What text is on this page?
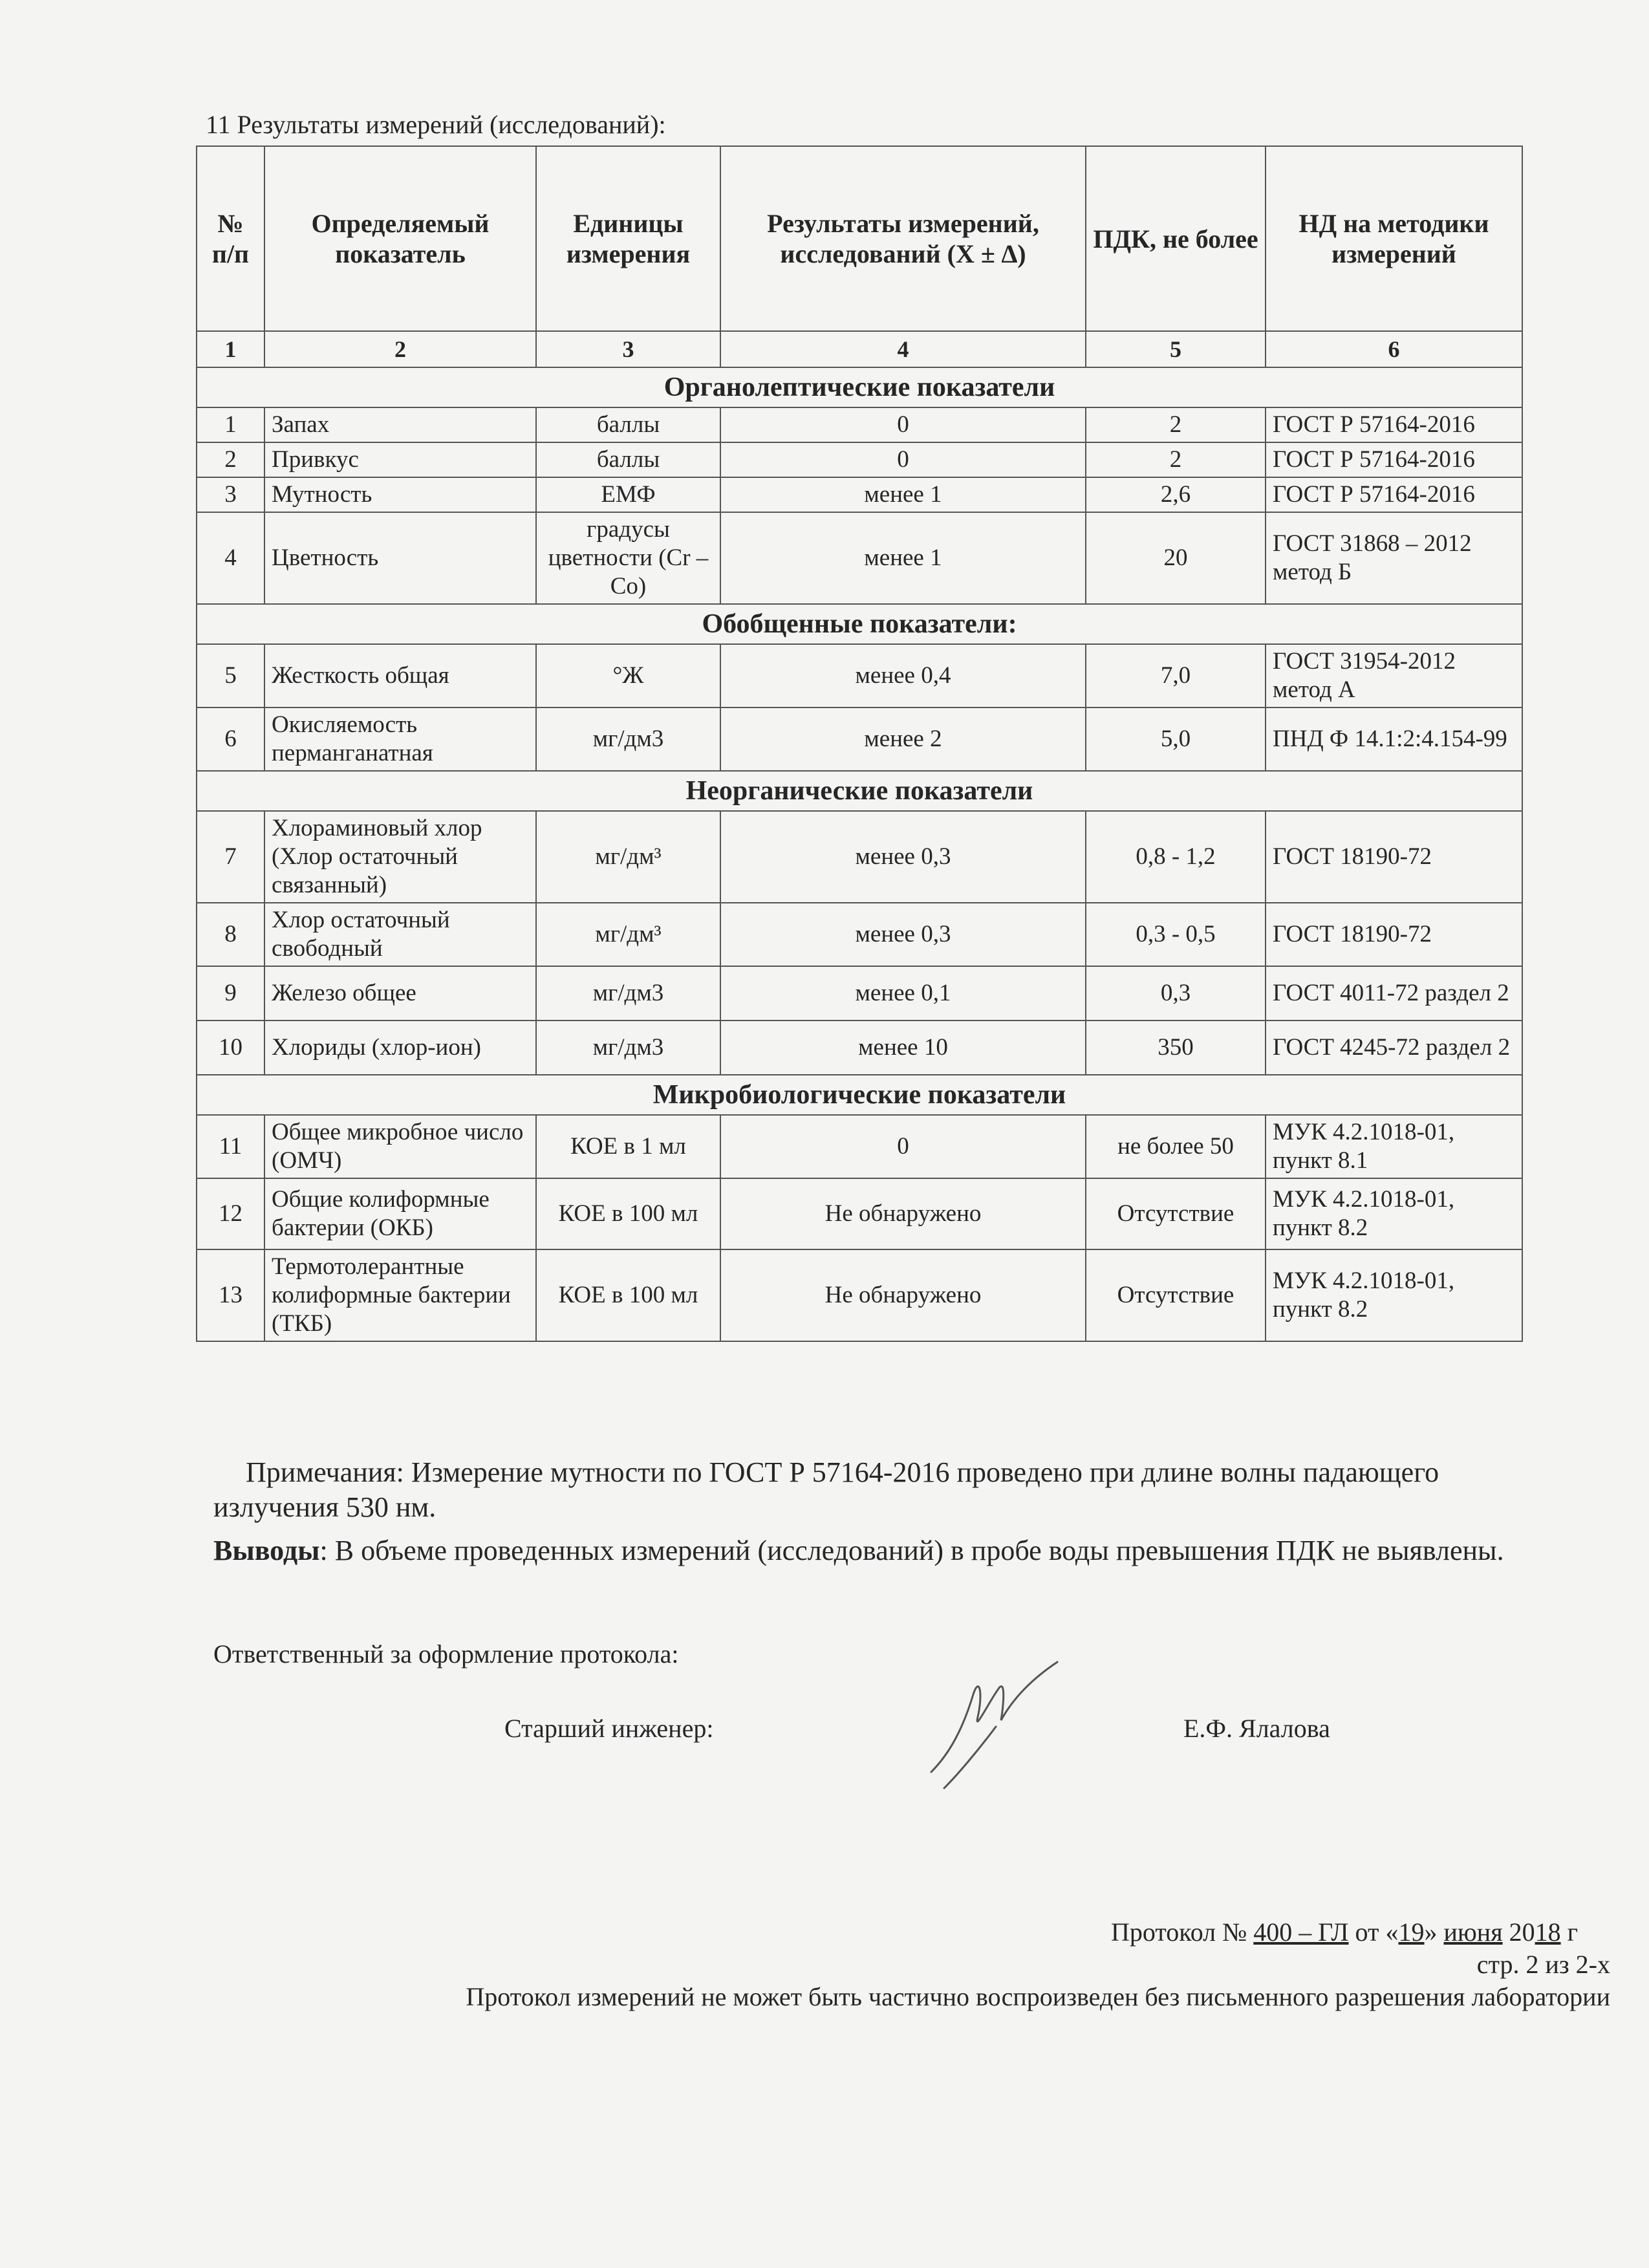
11 Результаты измерений (исследований):
№ п/п	Определяемый показатель	Единицы измерения	Результаты измерений, исследований (Х ± ∆)	ПДК, не более	НД на методики измерений
1	2	3	4	5	6
Органолептические показатели					
1	Запах	баллы	0	2	ГОСТ Р 57164-2016
2	Привкус	баллы	0	2	ГОСТ Р 57164-2016
3	Мутность	ЕМФ	менее 1	2,6	ГОСТ Р 57164-2016
4	Цветность	градусы цветности (Сr – Co)	менее 1	20	ГОСТ 31868 – 2012 метод Б
Обобщенные показатели:					
5	Жесткость общая	°Ж	менее 0,4	7,0	ГОСТ 31954-2012 метод А
6	Окисляемость перманганатная	мг/дм3	менее 2	5,0	ПНД Ф 14.1:2:4.154-99
Неорганические показатели					
7	Хлораминовый хлор (Хлор остаточный связанный)	мг/дм³	менее 0,3	0,8 - 1,2	ГОСТ 18190-72
8	Хлор остаточный свободный	мг/дм³	менее 0,3	0,3 - 0,5	ГОСТ 18190-72
9	Железо общее	мг/дм3	менее 0,1	0,3	ГОСТ 4011-72 раздел 2
10	Хлориды (хлор-ион)	мг/дм3	менее 10	350	ГОСТ 4245-72 раздел 2
Микробиологические показатели					
11	Общее микробное число (ОМЧ)	КОЕ в 1 мл	0	не более 50	МУК 4.2.1018-01, пункт 8.1
12	Общие колиформные бактерии (ОКБ)	КОЕ в 100 мл	Не обнаружено	Отсутствие	МУК 4.2.1018-01, пункт 8.2
13	Термотолерантные колиформные бактерии (ТКБ)	КОЕ в 100 мл	Не обнаружено	Отсутствие	МУК 4.2.1018-01, пункт 8.2
Примечания: Измерение мутности по ГОСТ Р 57164-2016 проведено при длине волны падающего излучения 530 нм.
Выводы: В объеме проведенных измерений (исследований) в пробе воды превышения ПДК не выявлены.
Ответственный за оформление протокола:
Старший инженер:	Е.Ф. Ялалова
Протокол № 400 – ГЛ от «19» июня 2018 г
стр. 2 из 2-х
Протокол измерений не может быть частично воспроизведен без письменного разрешения лаборатории
